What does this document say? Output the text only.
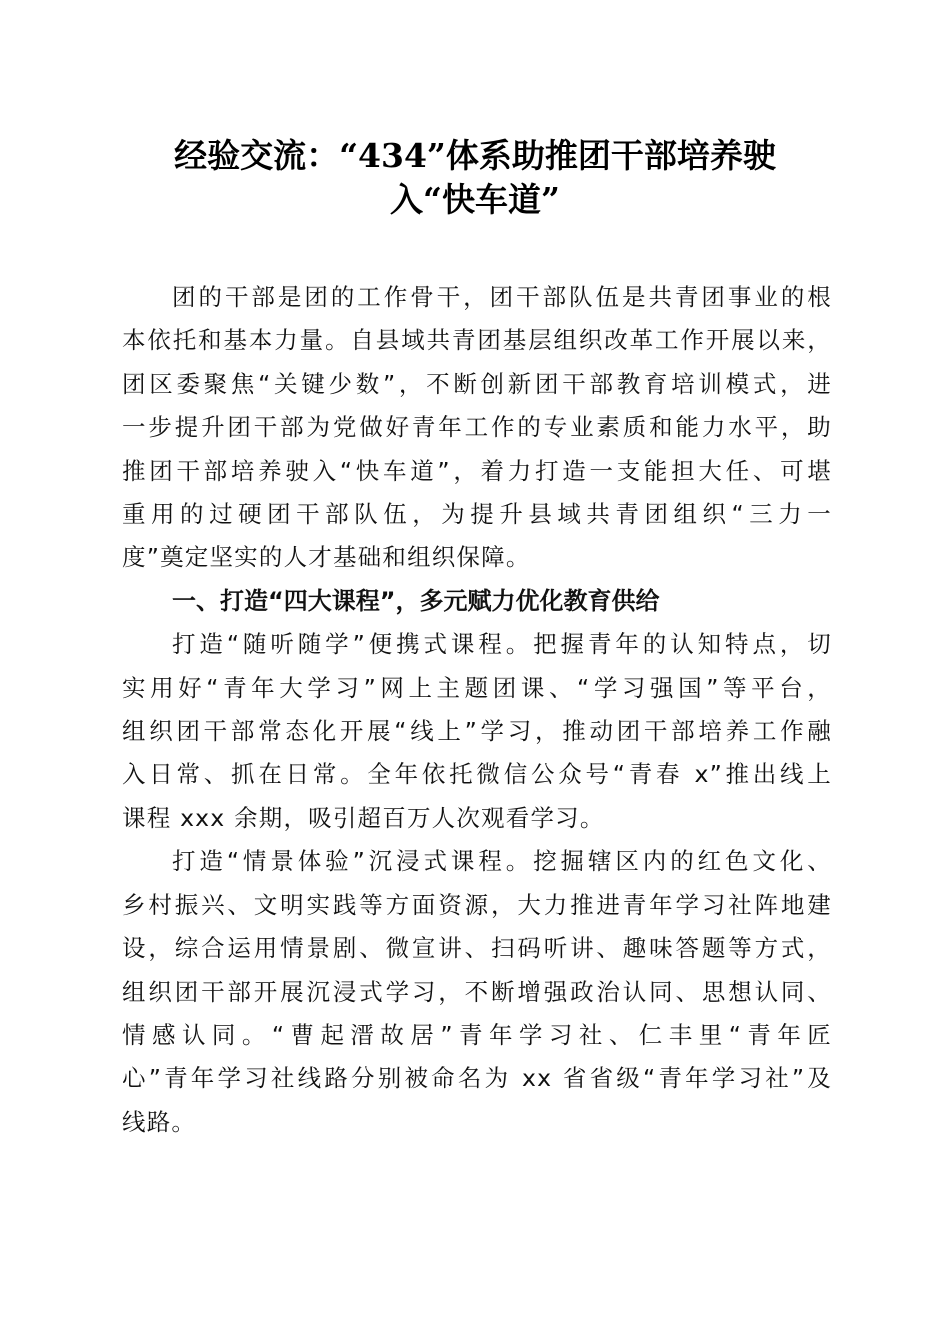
经验交流：“434”体系助推团干部培养驶
入“快车道”

团的干部是团的工作骨干，团干部队伍是共青团事业的根
本依托和基本力量。自县域共青团基层组织改革工作开展以来，
团区委聚焦“关键少数”，不断创新团干部教育培训模式，进
一步提升团干部为党做好青年工作的专业素质和能力水平，助
推团干部培养驶入“快车道”，着力打造一支能担大任、可堪
重用的过硬团干部队伍，为提升县域共青团组织“三力一
度”奠定坚实的人才基础和组织保障。

一、打造“四大课程”，多元赋力优化教育供给

打造“随听随学”便携式课程。把握青年的认知特点，切
实用好“青年大学习”网上主题团课、“学习强国”等平台，
组织团干部常态化开展“线上”学习，推动团干部培养工作融
入日常、抓在日常。全年依托微信公众号“青春 x”推出线上
课程 xxx 余期，吸引超百万人次观看学习。

打造“情景体验”沉浸式课程。挖掘辖区内的红色文化、
乡村振兴、文明实践等方面资源，大力推进青年学习社阵地建
设，综合运用情景剧、微宣讲、扫码听讲、趣味答题等方式，
组织团干部开展沉浸式学习，不断增强政治认同、思想认同、
情感认同。“曹起溍故居”青年学习社、仁丰里“青年匠
心”青年学习社线路分别被命名为 xx 省省级“青年学习社”及
线路。
